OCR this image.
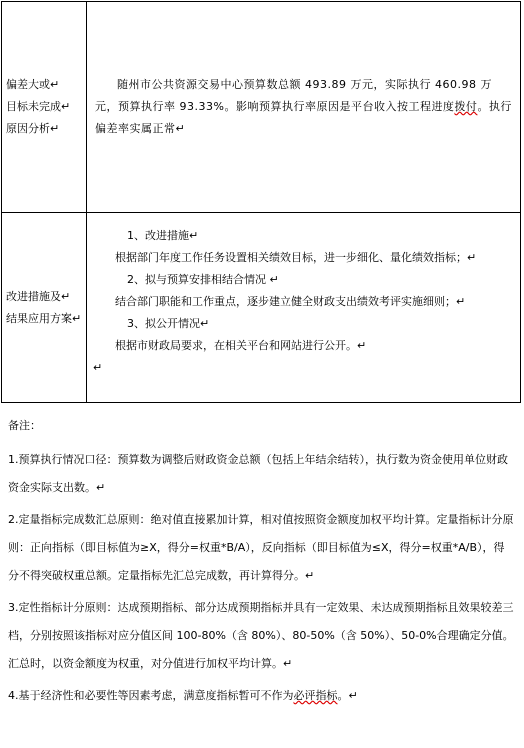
偏差大或↵
目标未完成↵
原因分析↵
随州市公共资源交易中心预算数总额 493.89 万元，实际执行 460.98 万元，预算执行率 93.33%。影响预算执行率原因是平台收入按工程进度拨付。执行偏差率实属正常↵
改进措施及↵
结果应用方案↵
1、改进措施↵
根据部门年度工作任务设置相关绩效目标，进一步细化、量化绩效指标；↵
2、拟与预算安排相结合情况 ↵
结合部门职能和工作重点，逐步建立健全财政支出绩效考评实施细则；↵
3、拟公开情况↵
根据市财政局要求，在相关平台和网站进行公开。↵
↵

备注：

1.预算执行情况口径：预算数为调整后财政资金总额（包括上年结余结转），执行数为资金使用单位财政资金实际支出数。↵

2.定量指标完成数汇总原则：绝对值直接累加计算，相对值按照资金额度加权平均计算。定量指标计分原则：正向指标（即目标值为≥X，得分=权重*B/A），反向指标（即目标值为≤X，得分=权重*A/B），得分不得突破权重总额。定量指标先汇总完成数，再计算得分。↵

3.定性指标计分原则：达成预期指标、部分达成预期指标并具有一定效果、未达成预期指标且效果较差三档，分别按照该指标对应分值区间 100-80%（含 80%）、80-50%（含 50%）、50-0%合理确定分值。汇总时，以资金额度为权重，对分值进行加权平均计算。↵

4.基于经济性和必要性等因素考虑，满意度指标暂可不作为必评指标。↵
